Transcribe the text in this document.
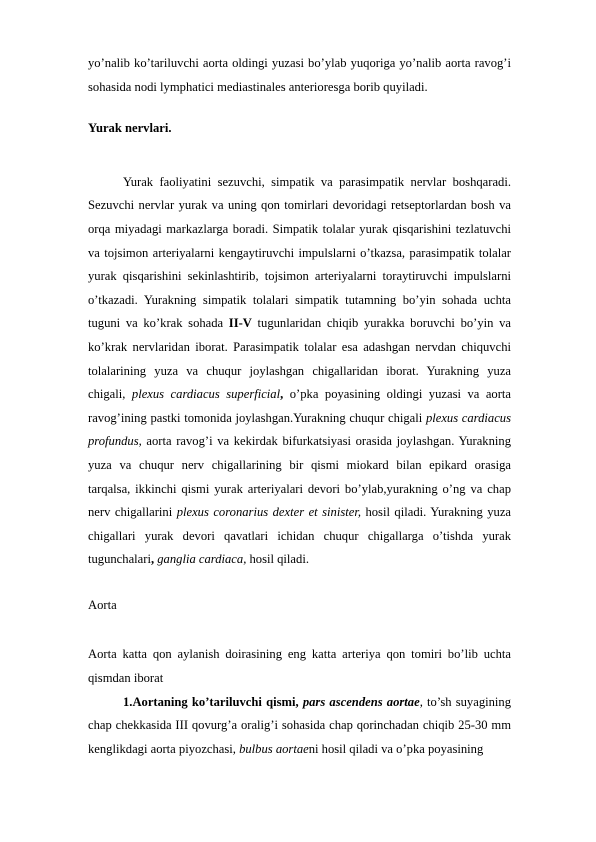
yo’nalib ko’tariluvchi aorta oldingi yuzasi bo’ylab yuqoriga yo’nalib aorta ravog’i sohasida nodi lymphatici mediastinales anterioresga borib quyiladi.

Yurak nervlari.

Yurak faoliyatini sezuvchi, simpatik va parasimpatik nervlar boshqaradi. Sezuvchi nervlar yurak va uning qon tomirlari devoridagi retseptorlardan bosh va orqa miyadagi markazlarga boradi. Simpatik tolalar yurak qisqarishini tezlatuvchi va tojsimon arteriyalarni kengaytiruvchi impulslarni o’tkazsa, parasimpatik tolalar yurak qisqarishini sekinlashtirib, tojsimon arteriyalarni toraytiruvchi impulslarni o’tkazadi. Yurakning simpatik tolalari simpatik tutamning bo’yin sohada uchta tuguni va ko’krak sohada II-V tugunlaridan chiqib yurakka boruvchi bo’yin va ko’krak nervlaridan iborat. Parasimpatik tolalar esa adashgan nervdan chiquvchi tolalarining yuza va chuqur joylashgan chigallaridan iborat. Yurakning yuza chigali, plexus cardiacus superficial, o’pka poyasining oldingi yuzasi va aorta ravog’ining pastki tomonida joylashgan.Yurakning chuqur chigali plexus cardiacus profundus, aorta ravog’i va kekirdak bifurkatsiyasi orasida joylashgan. Yurakning yuza va chuqur nerv chigallarining bir qismi miokard bilan epikard orasiga tarqalsa, ikkinchi qismi yurak arteriyalari devori bo’ylab,yurakning o’ng va chap nerv chigallarini plexus coronarius dexter et sinister, hosil qiladi. Yurakning yuza chigallari yurak devori qavatlari ichidan chuqur chigallarga o’tishda yurak tugunchalari, ganglia cardiaca, hosil qiladi.

Aorta

Aorta katta qon aylanish doirasining eng katta arteriya qon tomiri bo’lib uchta qismdan iborat

1.Aortaning ko’tariluvchi qismi, pars ascendens aortae, to’sh suyagining chap chekkasida III qovurg’a oralig’i sohasida chap qorinchadan chiqib 25-30 mm kenglikdagi aorta piyozchasi, bulbus aortaeni hosil qiladi va o’pka poyasining
